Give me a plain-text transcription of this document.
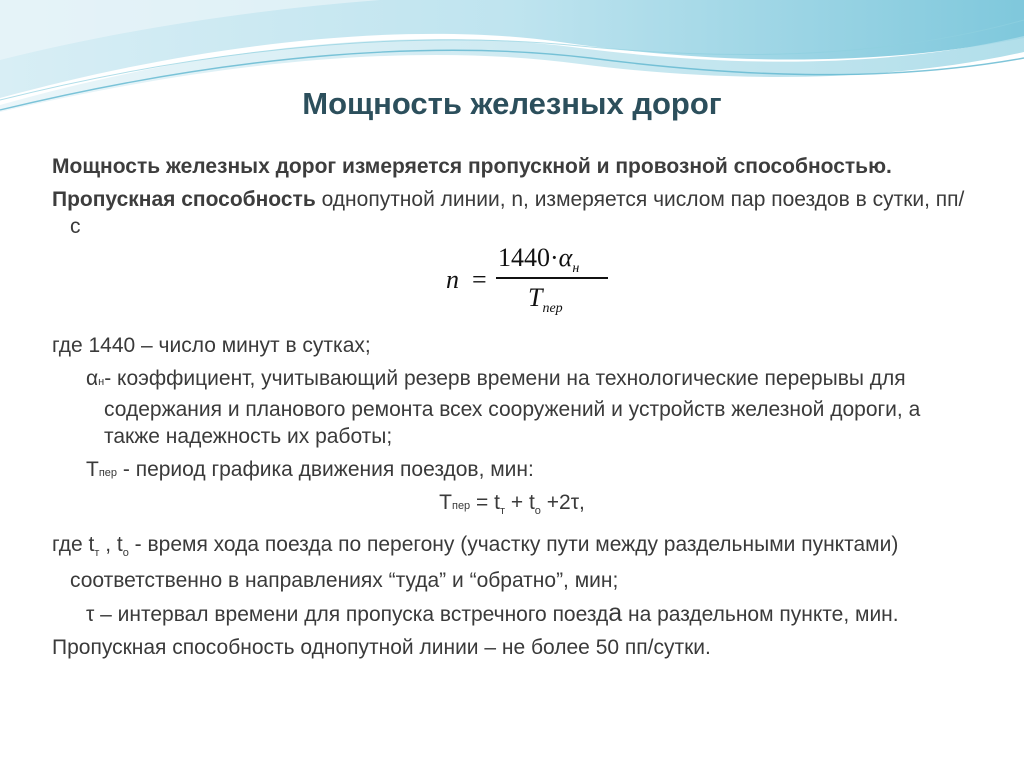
Мощность железных дорог

Мощность железных дорог измеряется пропускной и провозной способностью.

Пропускная способность однопутной линии, n, измеряется числом пар поездов в сутки, пп/с

n =
$1440\cdot\alpha_н$
$T_{пер}$

где 1440 – число минут в сутках;

αн- коэффициент, учитывающий резерв времени на технологические перерывы для содержания и планового ремонта всех сооружений и устройств железной дороги, а также надежность их работы;

Тпер - период графика движения поездов, мин:

Тпер = $t_т + t_о +2\tau$,

где $t_т$ , $t_о$ - время хода поезда по перегону (участку пути между раздельными пунктами) соответственно в направлениях “туда” и “обратно”, мин;

τ – интервал времени для пропуска встречного поезда на раздельном пункте, мин.

Пропускная способность однопутной линии – не более 50 пп/сутки.
